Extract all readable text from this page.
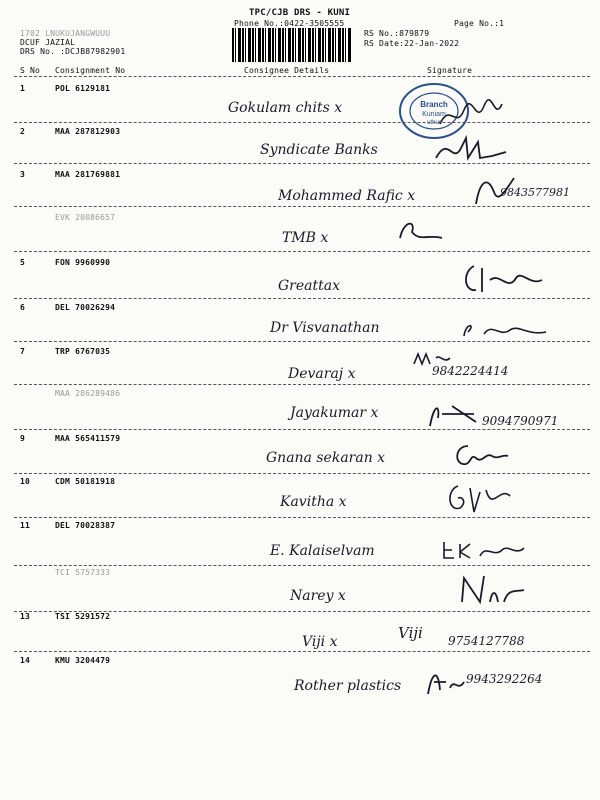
TPC/CJB DRS - KUNI
Phone No.:0422-3505555	Page No.:1
1702 LNUKUJANGWUUU
DCUF JAZIAL
DRS No. :DCJB87982901
RS No.:879879
RS Date:22-Jan-2022
S No Consignment No	Consignee Details	Signature
Branch
Kuniam
uthur
1	POL 6129181
Gokulam chits x
2	MAA 287812903
Syndicate Banks
3	MAA 281769881
Mohammed Rafic x	9843577981
EVK 20086657
TMB x
5	FON 9960990
Greattax
6	DEL 70026294
Dr Visvanathan
7	TRP 6767035
Devaraj x	9842224414
MAA 286289486
Jayakumar x	9094790971
9	MAA 565411579
Gnana sekaran x
10	CDM 50181918
Kavitha x
11	DEL 70028387
E. Kalaiselvam
TCI 5757333
Narey x
13	TSI 5291572
Viji x	Viji 9754127788
14	KMU 3204479
Rother plastics	9943292264
